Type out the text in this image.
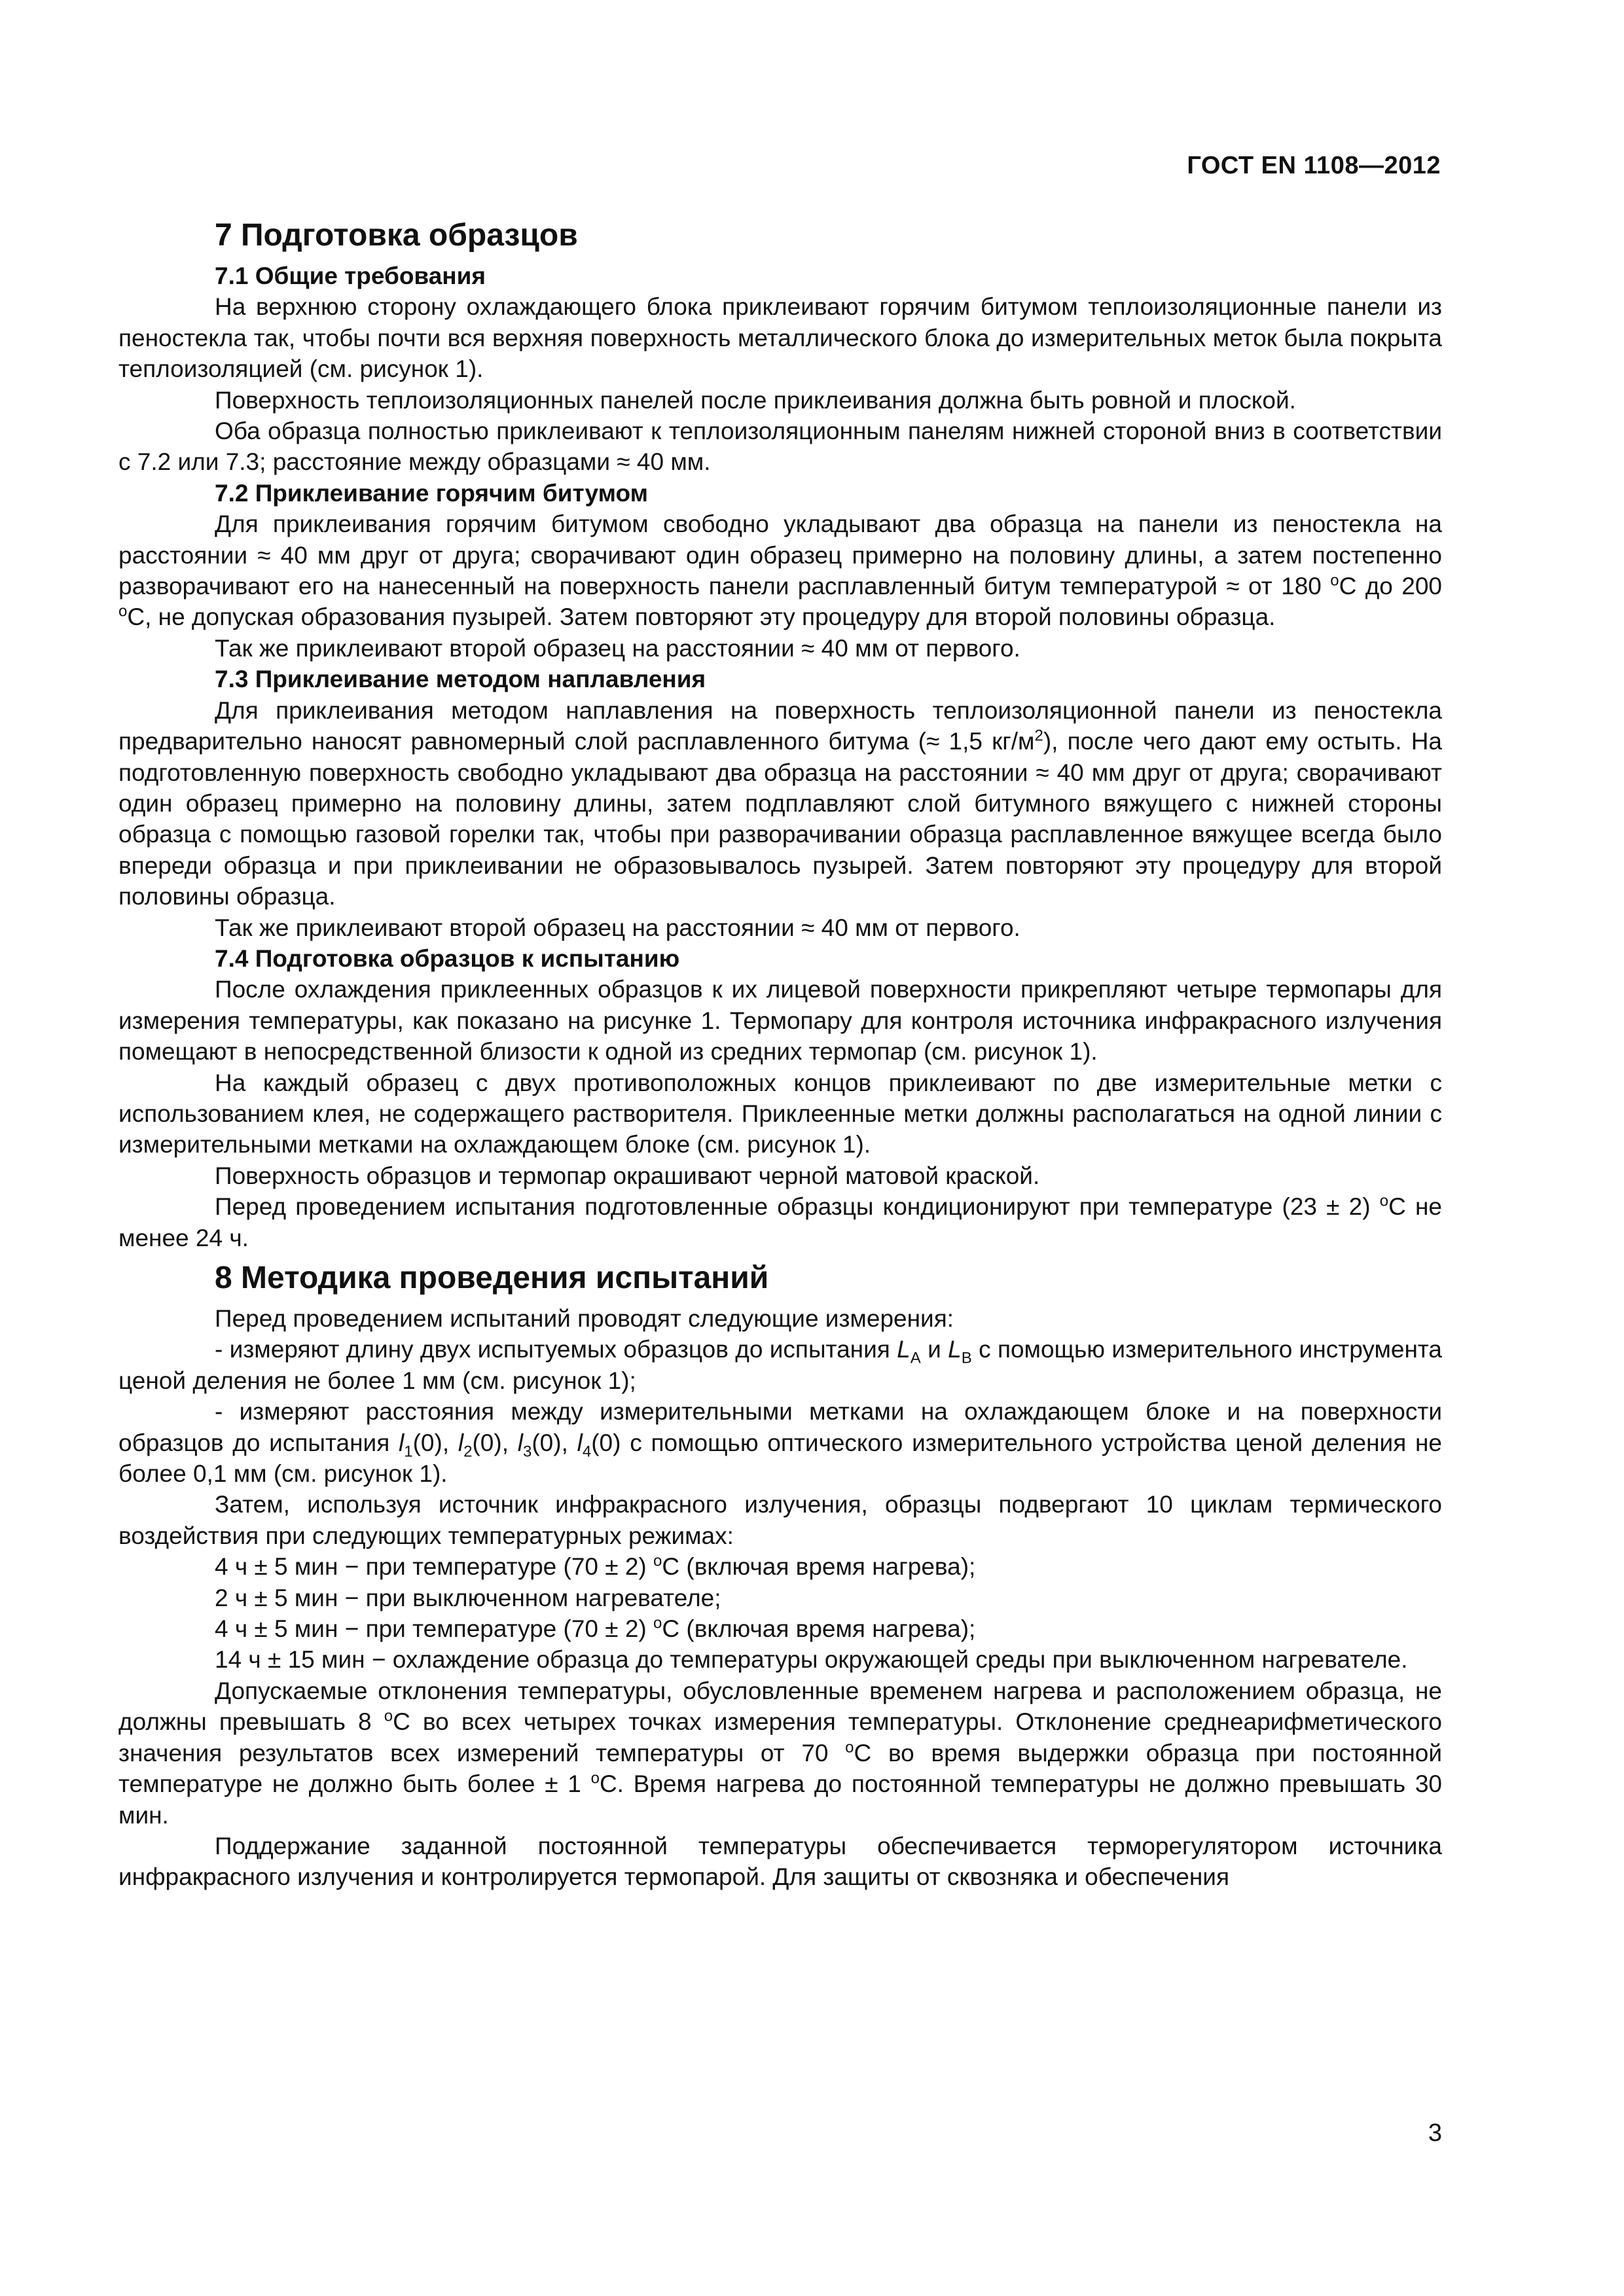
ГОСТ EN 1108—2012
7 Подготовка образцов
7.1 Общие требования

На верхнюю сторону охлаждающего блока приклеивают горячим битумом теплоизоляционные панели из пеностекла так, чтобы почти вся верхняя поверхность металлического блока до измерительных меток была покрыта теплоизоляцией (см. рисунок 1).

Поверхность теплоизоляционных панелей после приклеивания должна быть ровной и плоской.

Оба образца полностью приклеивают к теплоизоляционным панелям нижней стороной вниз в соответствии с 7.2 или 7.3; расстояние между образцами ≈ 40 мм.

7.2 Приклеивание горячим битумом

Для приклеивания горячим битумом свободно укладывают два образца на панели из пеностекла на расстоянии ≈ 40 мм друг от друга; сворачивают один образец примерно на половину длины, а затем постепенно разворачивают его на нанесенный на поверхность панели расплавленный битум температурой ≈ от 180 $^o$С до 200 $^o$С, не допуская образования пузырей. Затем повторяют эту процедуру для второй половины образца.

Так же приклеивают второй образец на расстоянии ≈ 40 мм от первого.

7.3 Приклеивание методом наплавления

Для приклеивания методом наплавления на поверхность теплоизоляционной панели из пеностекла предварительно наносят равномерный слой расплавленного битума (≈ 1,5 $кг/м^2$), после чего дают ему остыть. На подготовленную поверхность свободно укладывают два образца на расстоянии ≈ 40 мм друг от друга; сворачивают один образец примерно на половину длины, затем подплавляют слой битумного вяжущего с нижней стороны образца с помощью газовой горелки так, чтобы при разворачивании образца расплавленное вяжущее всегда было впереди образца и при приклеивании не образовывалось пузырей. Затем повторяют эту процедуру для второй половины образца.

Так же приклеивают второй образец на расстоянии ≈ 40 мм от первого.

7.4 Подготовка образцов к испытанию

После охлаждения приклеенных образцов к их лицевой поверхности прикрепляют четыре термопары для измерения температуры, как показано на рисунке 1. Термопару для контроля источника инфракрасного излучения помещают в непосредственной близости к одной из средних термопар (см. рисунок 1).

На каждый образец с двух противоположных концов приклеивают по две измерительные метки с использованием клея, не содержащего растворителя. Приклеенные метки должны располагаться на одной линии с измерительными метками на охлаждающем блоке (см. рисунок 1).

Поверхность образцов и термопар окрашивают черной матовой краской.

Перед проведением испытания подготовленные образцы кондиционируют при температуре (23 ± 2) $^o$С не менее 24 ч.

8 Методика проведения испытаний

Перед проведением испытаний проводят следующие измерения:

- измеряют длину двух испытуемых образцов до испытания $L_A$ и $L_B$ с помощью измерительного инструмента ценой деления не более 1 мм (см. рисунок 1);

- измеряют расстояния между измерительными метками на охлаждающем блоке и на поверхности образцов до испытания $l_1(0)$, $l_2(0)$, $l_3(0)$, $l_4(0)$ с помощью оптического измерительного устройства ценой деления не более 0,1 мм (см. рисунок 1).

Затем, используя источник инфракрасного излучения, образцы подвергают 10 циклам термического воздействия при следующих температурных режимах:

4 ч ± 5 мин − при температуре (70 ± 2) $^o$С (включая время нагрева);

2 ч ± 5 мин − при выключенном нагревателе;

4 ч ± 5 мин − при температуре (70 ± 2) $^o$С (включая время нагрева);

14 ч ± 15 мин − охлаждение образца до температуры окружающей среды при выключенном нагревателе.

Допускаемые отклонения температуры, обусловленные временем нагрева и расположением образца, не должны превышать 8 $^o$С во всех четырех точках измерения температуры. Отклонение среднеарифметического значения результатов всех измерений температуры от 70 $^o$С во время выдержки образца при постоянной температуре не должно быть более ± 1 $^o$С. Время нагрева до постоянной температуры не должно превышать 30 мин.

Поддержание заданной постоянной температуры обеспечивается терморегулятором источника инфракрасного излучения и контролируется термопарой. Для защиты от сквозняка и обеспечения

3
